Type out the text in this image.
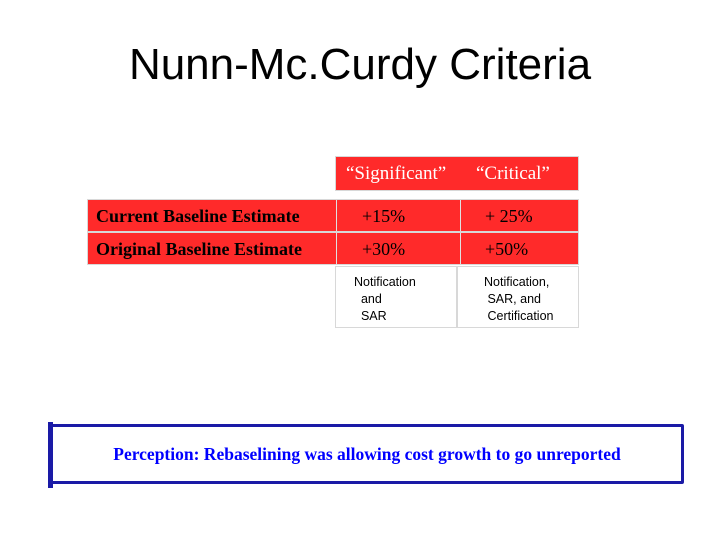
Nunn-Mc.Curdy Criteria
“Significant” “Critical”
Current Baseline Estimate	+15%	+ 25%
Original Baseline Estimate	+30%	+50%

Notification
and
SAR

Notification,
SAR, and
Certification

Perception: Rebaselining was allowing cost growth to go unreported
